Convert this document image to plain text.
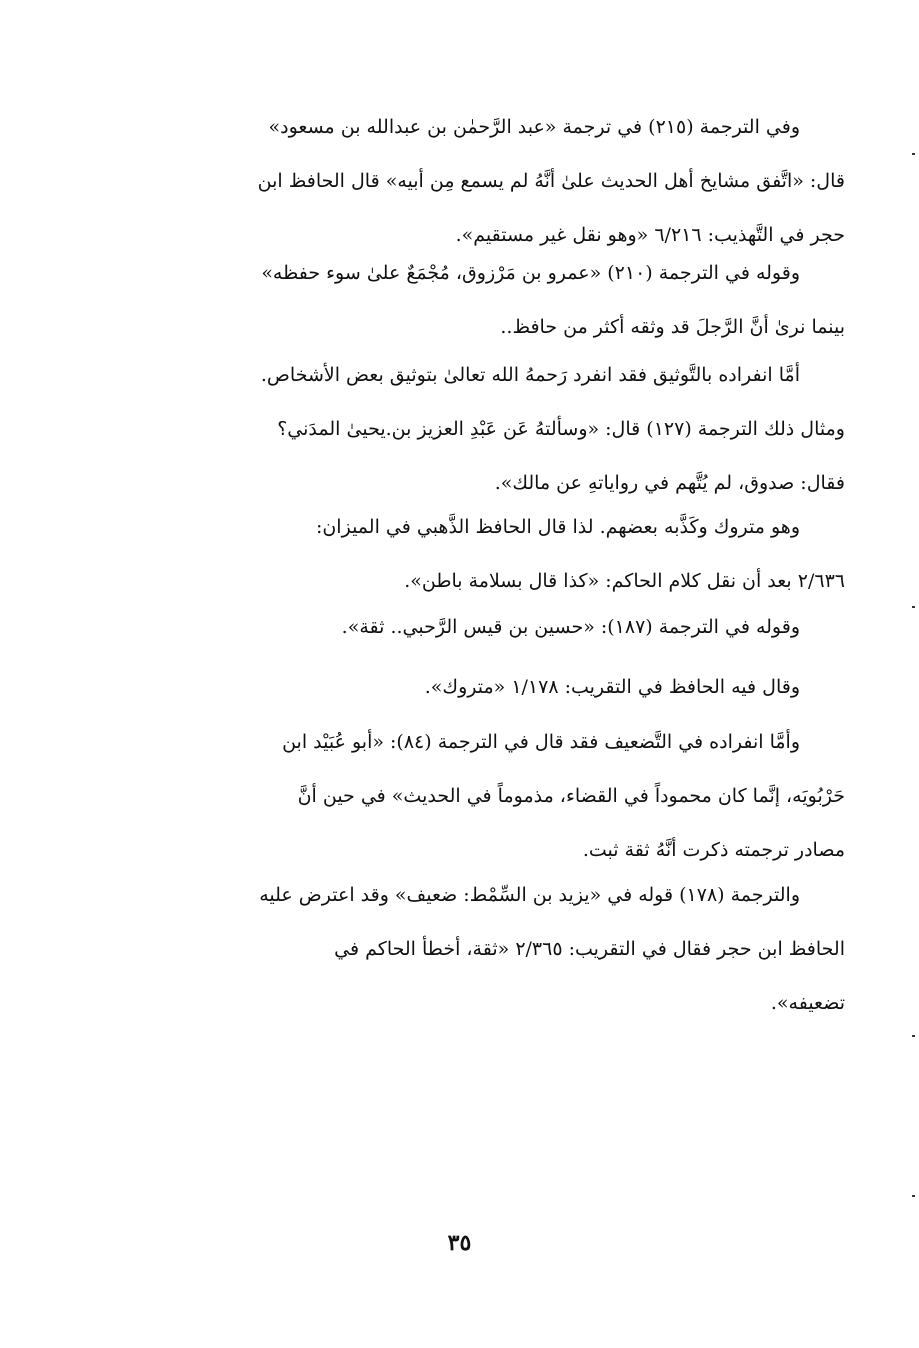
وفي الترجمة (٢١٥) في ترجمة «عبد الرَّحمٰن بن عبدالله بن مسعود»

قال: «اتَّفق مشايخ أهل الحديث علىٰ أنَّهُ لم يسمع مِن أبيه» قال الحافظ ابن

حجر في التَّهذيب: ٦/٢١٦ «وهو نقل غير مستقيم».

وقوله في الترجمة (٢١٠) «عمرو بن مَرْزوق، مُجْمَعٌ علىٰ سوء حفظه»

بينما نرىٰ أنَّ الرَّجلَ قد وثقه أكثر من حافظ..

أمَّا انفراده بالتَّوثيق فقد انفرد رَحمهُ الله تعالىٰ بتوثيق بعض الأشخاص.

ومثال ذلك الترجمة (١٢٧) قال: «وسألتهُ عَن عَبْدِ العزيز بن.يحيىٰ المدَني؟

فقال: صدوق، لم يُتَّهم في رواياتهِ عن مالك».

وهو متروك وكَذَّبه بعضهم. لذا قال الحافظ الذَّهبي في الميزان:

٢/٦٣٦ بعد أن نقل كلام الحاكم: «كذا قال بسلامة باطن».

وقوله في الترجمة (١٨٧): «حسين بن قيس الرَّحبي.. ثقة».

وقال فيه الحافظ في التقريب: ١/١٧٨ «متروك».

وأمَّا انفراده في التَّضعيف فقد قال في الترجمة (٨٤): «أبو عُبَيْد ابن

حَرْبُويَه، إنَّما كان محموداً في القضاء، مذموماً في الحديث» في حين أنَّ

مصادر ترجمته ذكرت أنَّهُ ثقة ثبت.

والترجمة (١٧٨) قوله في «يزيد بن السِّمْط: ضعيف» وقد اعترض عليه

الحافظ ابن حجر فقال في التقريب: ٢/٣٦٥ «ثقة، أخطأ الحاكم في

تضعيفه».

٣٥
